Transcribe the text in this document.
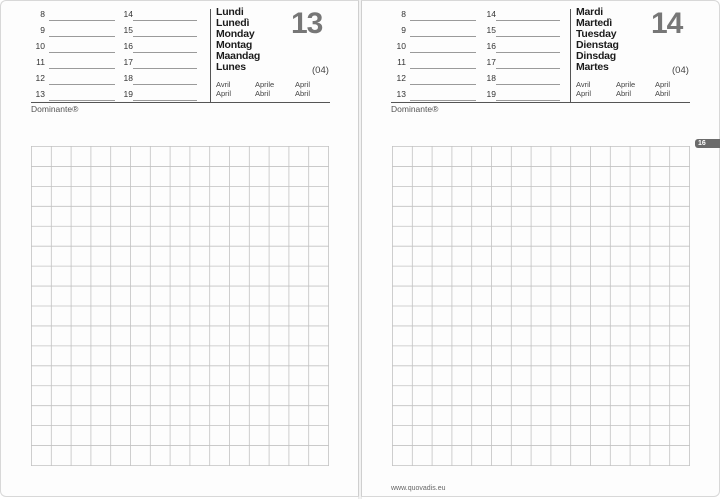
8
9
10
11
12
13
14
15
16
17
18
19
Lundi
Lunedì
Monday
Montag
Maandag
Lunes
13
(04)
Avril	Aprile	April
April	Abril	Abril
Dominante®
8
9
10
11
12
13
14
15
16
17
18
19
Mardi
Martedì
Tuesday
Dienstag
Dinsdag
Martes
14
(04)
Avril	Aprile	April
April	Abril	Abril
Dominante®
www.quovadis.eu
16
